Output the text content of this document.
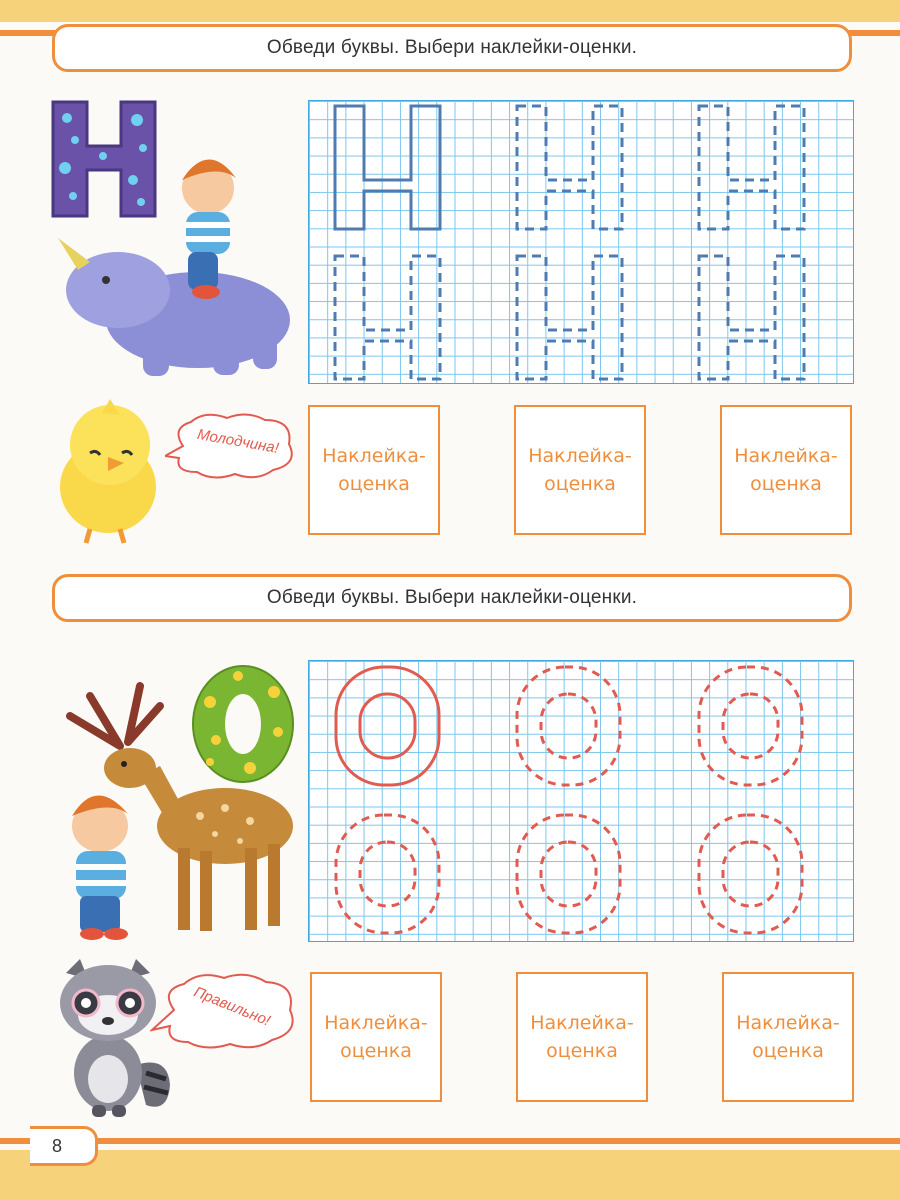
Обведи буквы. Выбери наклейки-оценки.
Молодчина!	Наклейка-
оценка
Наклейка-
оценка
Наклейка-
оценка
Обведи буквы. Выбери наклейки-оценки.
Правильно!	Наклейка-
оценка
Наклейка-
оценка
Наклейка-
оценка
8
